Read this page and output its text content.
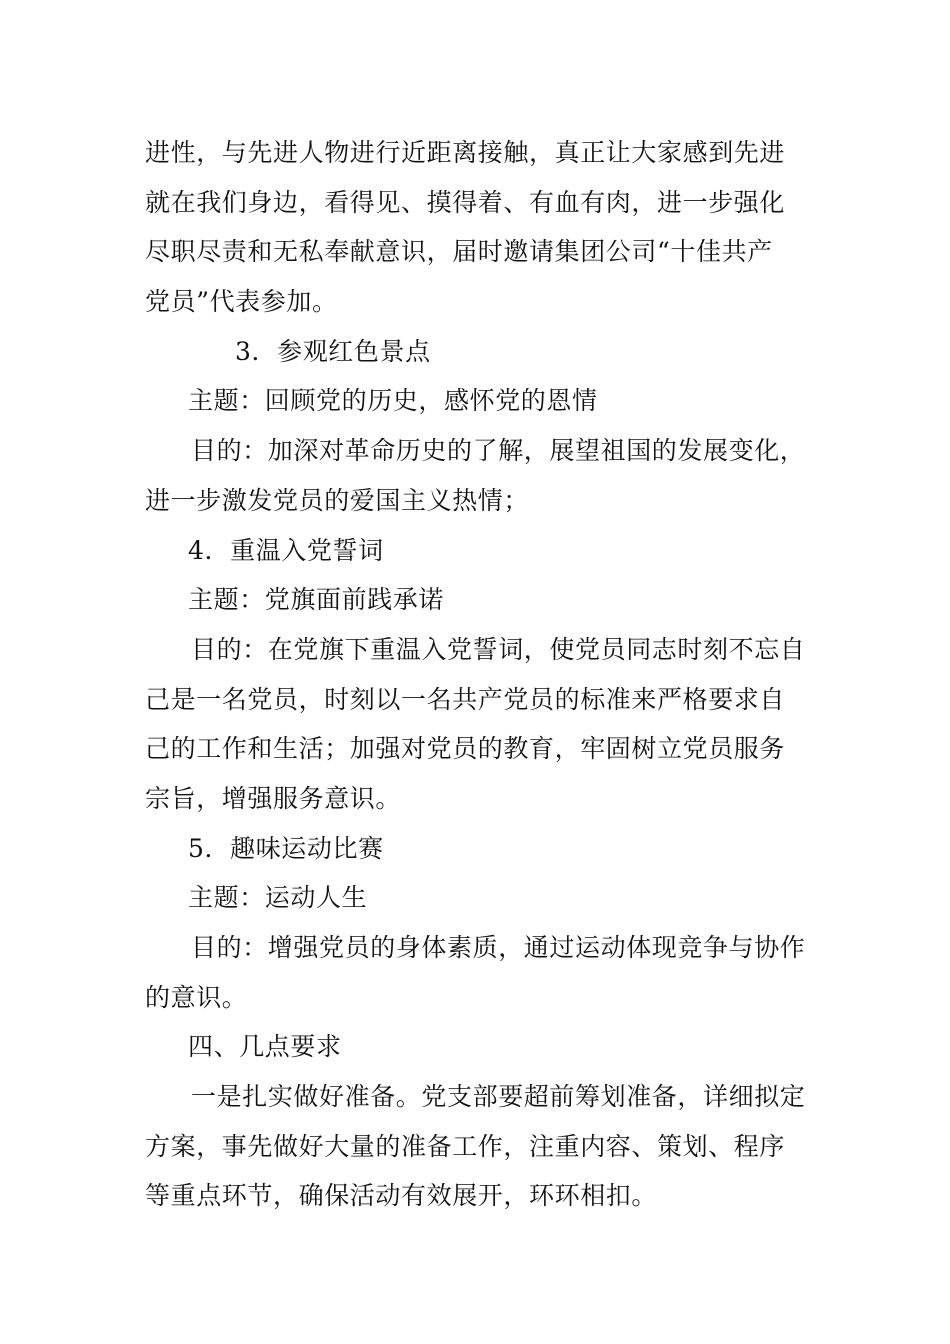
进性，与先进人物进行近距离接触，真正让大家感到先进
就在我们身边，看得见、摸得着、有血有肉，进一步强化
尽职尽责和无私奉献意识，届时邀请集团公司“十佳共产
党员”代表参加。
3．参观红色景点
主题：回顾党的历史，感怀党的恩情
目的：加深对革命历史的了解，展望祖国的发展变化，
进一步激发党员的爱国主义热情；
4．重温入党誓词
主题：党旗面前践承诺
目的：在党旗下重温入党誓词，使党员同志时刻不忘自
己是一名党员，时刻以一名共产党员的标准来严格要求自
己的工作和生活；加强对党员的教育，牢固树立党员服务
宗旨，增强服务意识。
5．趣味运动比赛
主题：运动人生
目的：增强党员的身体素质，通过运动体现竞争与协作
的意识。
四、几点要求
一是扎实做好准备。党支部要超前筹划准备，详细拟定
方案，事先做好大量的准备工作，注重内容、策划、程序
等重点环节，确保活动有效展开，环环相扣。
